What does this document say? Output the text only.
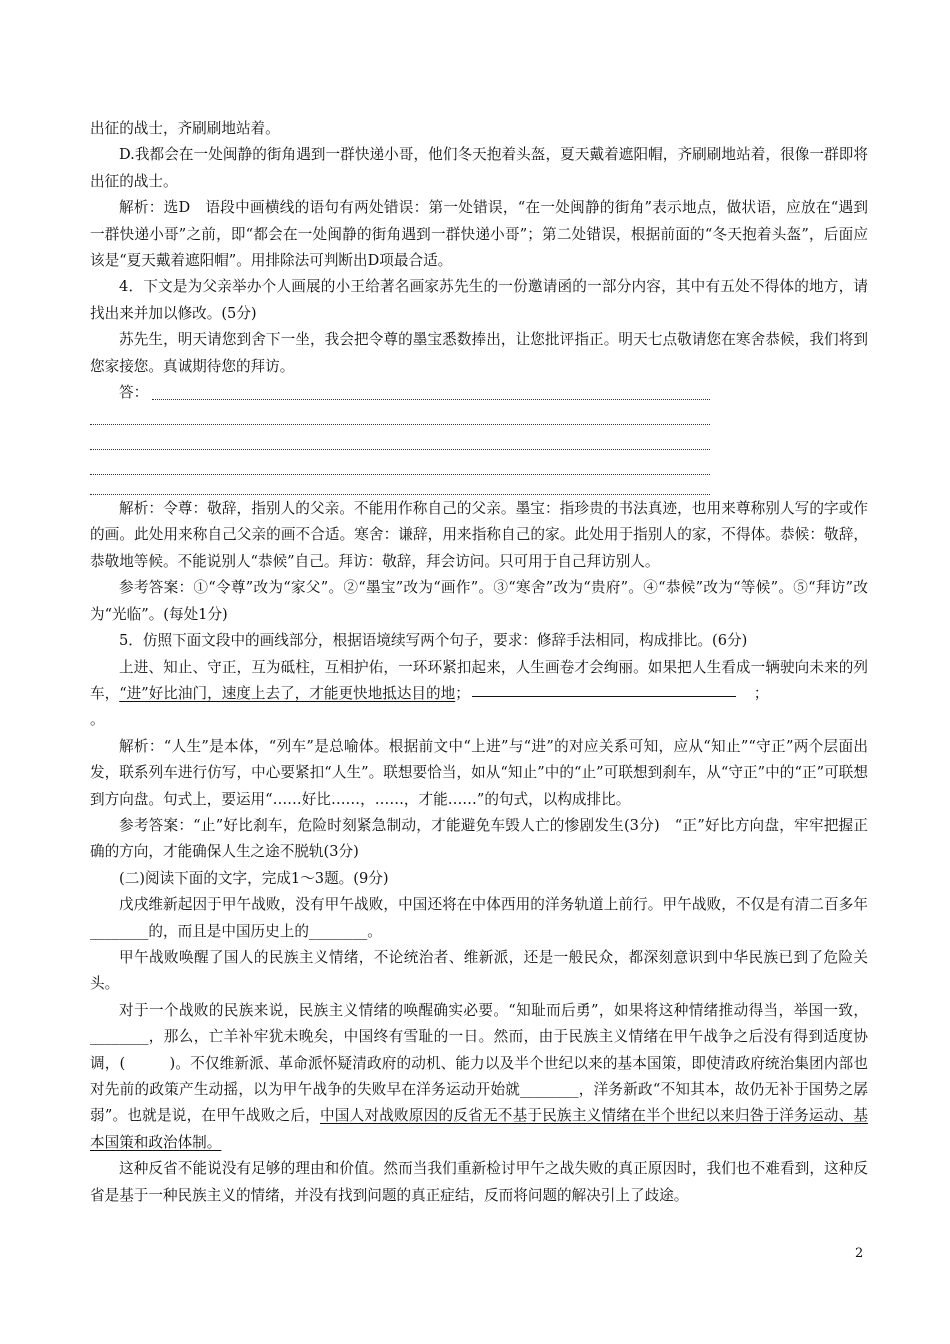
出征的战士，齐刷刷地站着。

D.我都会在一处闽静的街角遇到一群快递小哥，他们冬天抱着头盔，夏天戴着遮阳帽，齐刷刷地站着，很像一群即将出征的战士。

解析：选D　语段中画横线的语句有两处错误：第一处错误，“在一处闽静的街角”表示地点，做状语，应放在“遇到一群快递小哥”之前，即“都会在一处闽静的街角遇到一群快递小哥”；第二处错误，根据前面的“冬天抱着头盔”，后面应该是“夏天戴着遮阳帽”。用排除法可判断出D项最合适。

4．下文是为父亲举办个人画展的小王给著名画家苏先生的一份邀请函的一部分内容，其中有五处不得体的地方，请找出来并加以修改。(5分)

苏先生，明天请您到舍下一坐，我会把令尊的墨宝悉数捧出，让您批评指正。明天七点敬请您在寒舍恭候，我们将到您家接您。真诚期待您的拜访。

答：

解析：令尊：敬辞，指别人的父亲。不能用作称自己的父亲。墨宝：指珍贵的书法真迹，也用来尊称别人写的字或作的画。此处用来称自己父亲的画不合适。寒舍：谦辞，用来指称自己的家。此处用于指别人的家，不得体。恭候：敬辞，恭敬地等候。不能说别人“恭候”自己。拜访：敬辞，拜会访问。只可用于自己拜访别人。

参考答案：①“令尊”改为“家父”。②“墨宝”改为“画作”。③“寒舍”改为“贵府”。④“恭候”改为“等候”。⑤“拜访”改为“光临”。(每处1分)

5．仿照下面文段中的画线部分，根据语境续写两个句子，要求：修辞手法相同，构成排比。(6分)

上进、知止、守正，互为砥柱，互相护佑，一环环紧扣起来，人生画卷才会绚丽。如果把人生看成一辆驶向未来的列车，“进”好比油门，速度上去了，才能更快地抵达目的地；	；
。

解析：“人生”是本体，“列车”是总喻体。根据前文中“上进”与“进”的对应关系可知，应从“知止”“守正”两个层面出发，联系列车进行仿写，中心要紧扣“人生”。联想要恰当，如从“知止”中的“止”可联想到刹车，从“守正”中的“正”可联想到方向盘。句式上，要运用“……好比……，……，才能……”的句式，以构成排比。

参考答案：“止”好比刹车，危险时刻紧急制动，才能避免车毁人亡的惨剧发生(3分)　“正”好比方向盘，牢牢把握正确的方向，才能确保人生之途不脱轨(3分)

(二)阅读下面的文字，完成1～3题。(9分)

戊戌维新起因于甲午战败，没有甲午战败，中国还将在中体西用的洋务轨道上前行。甲午战败，不仅是有清二百多年________的，而且是中国历史上的________。

甲午战败唤醒了国人的民族主义情绪，不论统治者、维新派，还是一般民众，都深刻意识到中华民族已到了危险关头。

对于一个战败的民族来说，民族主义情绪的唤醒确实必要。“知耻而后勇”，如果将这种情绪推动得当，举国一致，________，那么，亡羊补牢犹未晚矣，中国终有雪耻的一日。然而，由于民族主义情绪在甲午战争之后没有得到适度协调，(　　　)。不仅维新派、革命派怀疑清政府的动机、能力以及半个世纪以来的基本国策，即使清政府统治集团内部也对先前的政策产生动摇，以为甲午战争的失败早在洋务运动开始就________，洋务新政“不知其本，故仍无补于国势之孱弱”。也就是说，在甲午战败之后，中国人对战败原因的反省无不基于民族主义情绪在半个世纪以来归咎于洋务运动、基本国策和政治体制。

这种反省不能说没有足够的理由和价值。然而当我们重新检讨甲午之战失败的真正原因时，我们也不难看到，这种反省是基于一种民族主义的情绪，并没有找到问题的真正症结，反而将问题的解决引上了歧途。

2
